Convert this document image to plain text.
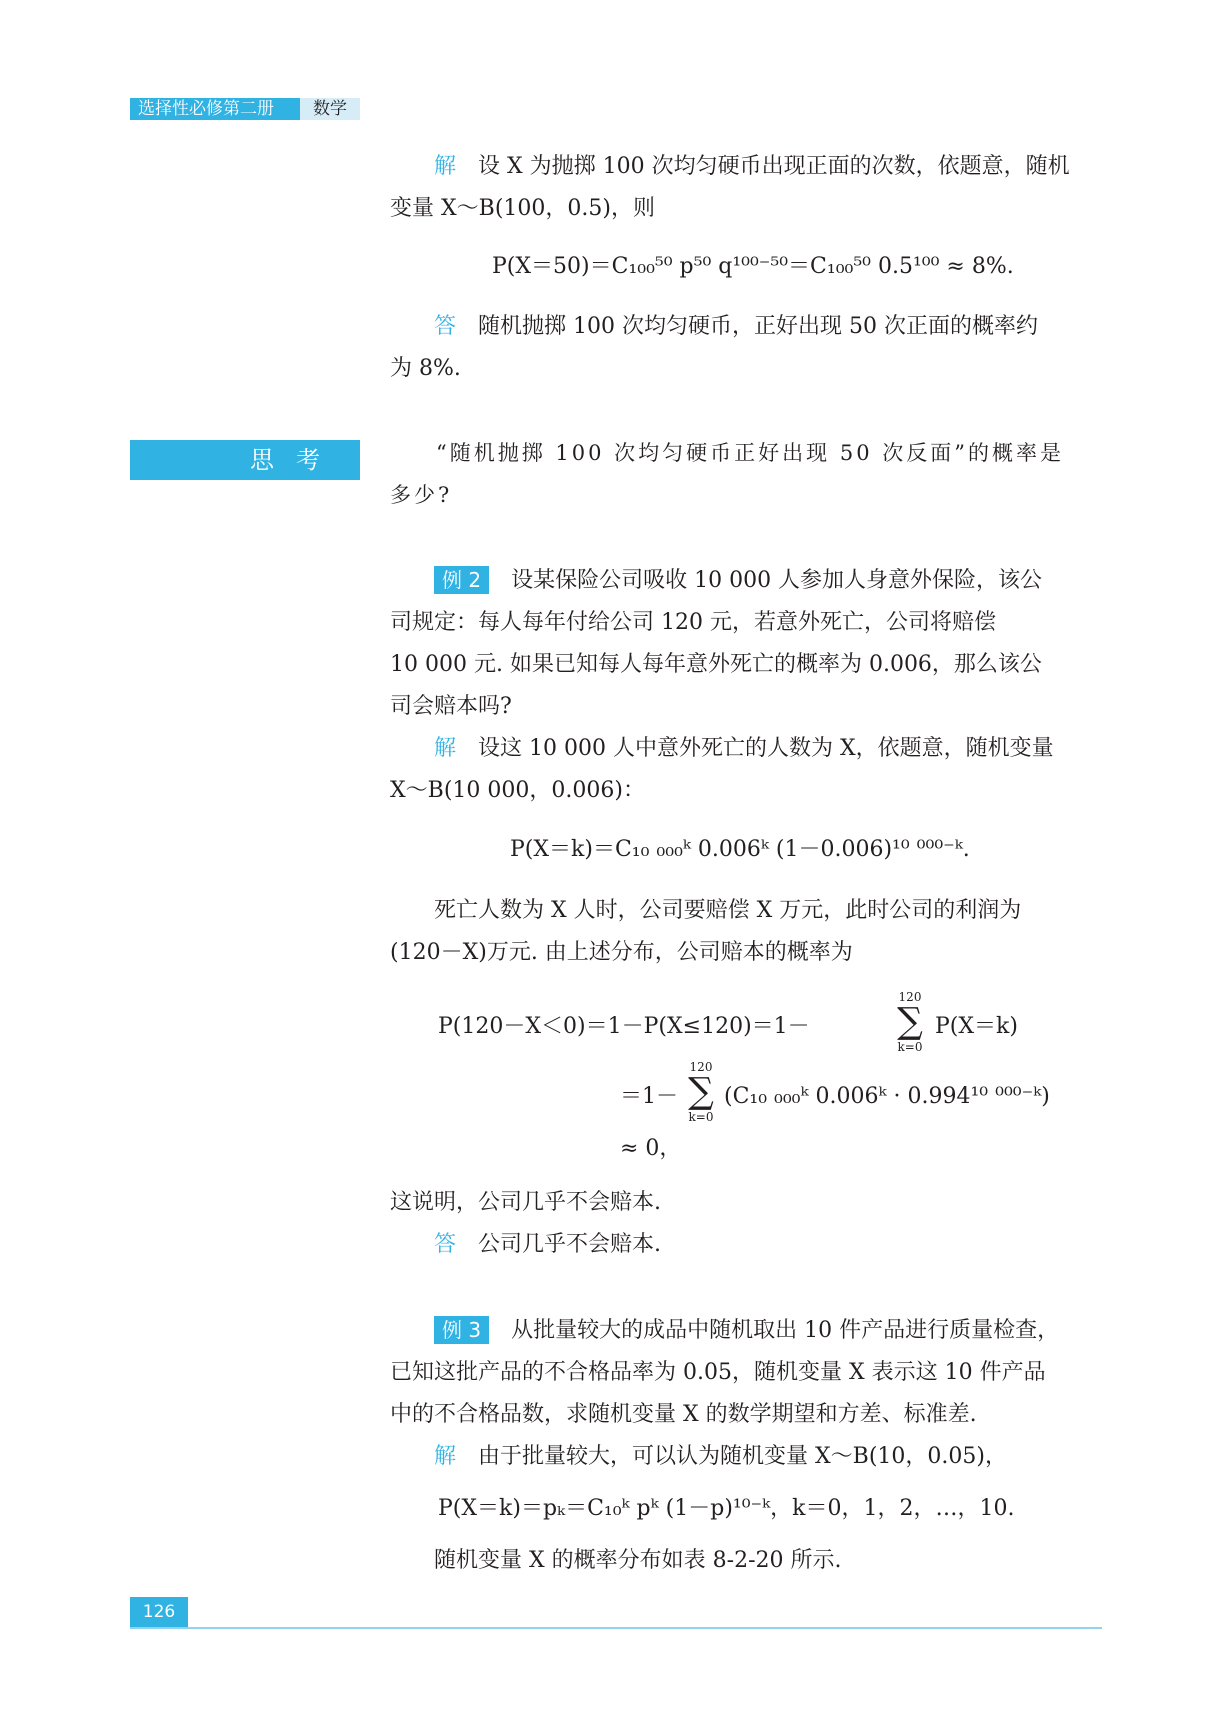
选择性必修第二册 数学
解 设 X 为抛掷 100 次均匀硬币出现正面的次数，依题意，随机
变量 X～B(100，0.5)，则
P(X＝50)＝C₁₀₀⁵⁰ p⁵⁰ q¹⁰⁰⁻⁵⁰＝C₁₀₀⁵⁰ 0.5¹⁰⁰ ≈ 8%.
答 随机抛掷 100 次均匀硬币，正好出现 50 次正面的概率约
为 8%.
思考	“随机抛掷 100 次均匀硬币正好出现 50 次反面”的概率是
多少?
例 2 设某保险公司吸收 10 000 人参加人身意外保险，该公
司规定：每人每年付给公司 120 元，若意外死亡，公司将赔偿
10 000 元. 如果已知每人每年意外死亡的概率为 0.006，那么该公
司会赔本吗?
解 设这 10 000 人中意外死亡的人数为 X，依题意，随机变量
X～B(10 000，0.006)：
P(X＝k)＝C₁₀ ₀₀₀ᵏ 0.006ᵏ (1－0.006)¹⁰ ⁰⁰⁰⁻ᵏ.
死亡人数为 X 人时，公司要赔偿 X 万元，此时公司的利润为
(120－X)万元. 由上述分布，公司赔本的概率为
P(120－X＜0)＝1－P(X≤120)＝1－
120
∑
k=0
P(X＝k)
＝1－
120
∑
k=0
(C₁₀ ₀₀₀ᵏ 0.006ᵏ · 0.994¹⁰ ⁰⁰⁰⁻ᵏ)
≈ 0，
这说明，公司几乎不会赔本.
答 公司几乎不会赔本.
例 3 从批量较大的成品中随机取出 10 件产品进行质量检查，
已知这批产品的不合格品率为 0.05，随机变量 X 表示这 10 件产品
中的不合格品数，求随机变量 X 的数学期望和方差、标准差.
解 由于批量较大，可以认为随机变量 X～B(10，0.05)，
P(X＝k)＝pₖ＝C₁₀ᵏ pᵏ (1－p)¹⁰⁻ᵏ，k＝0，1，2，…，10.
随机变量 X 的概率分布如表 8-2-20 所示.
126
